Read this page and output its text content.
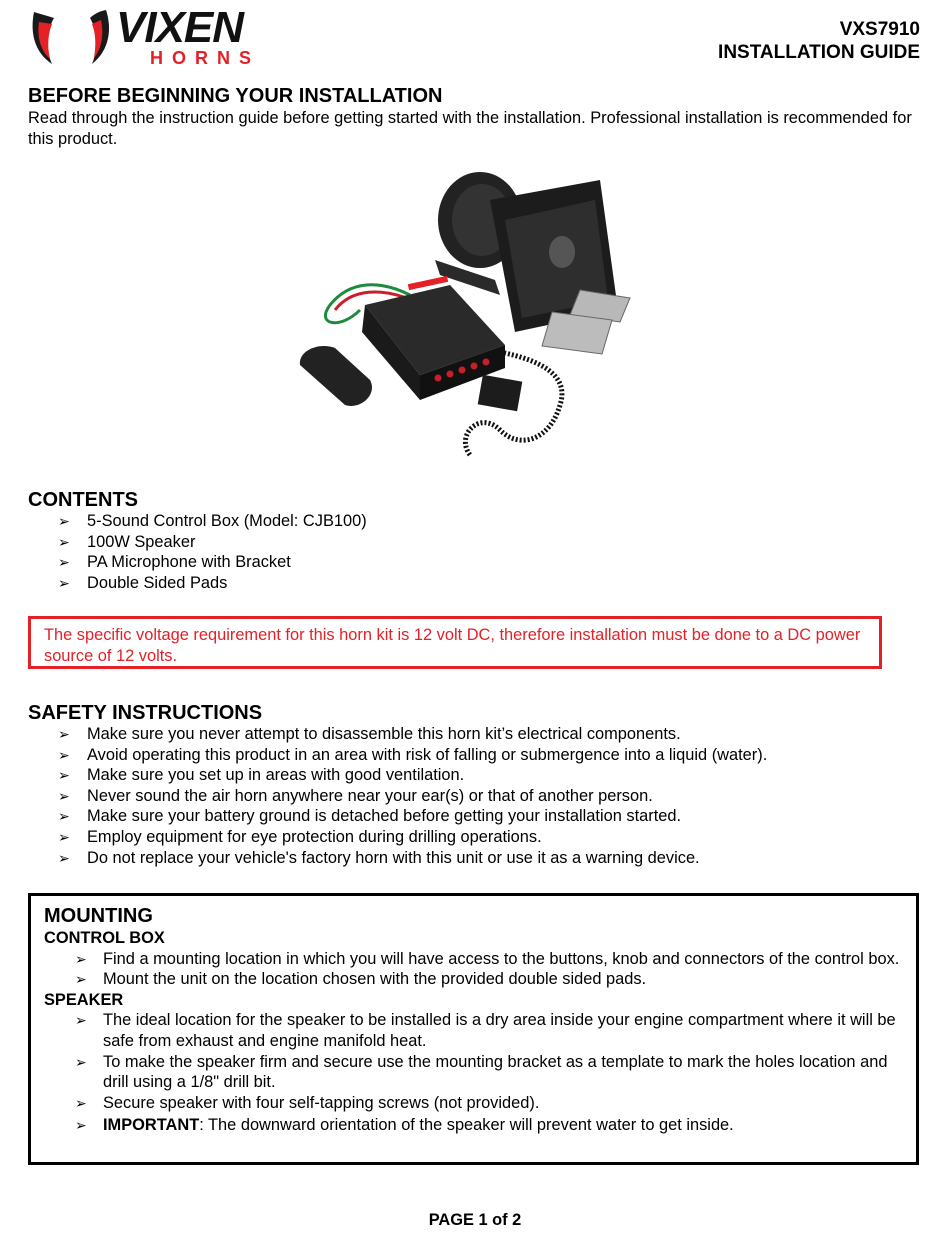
VIXEN
HORNS
VXS7910
INSTALLATION GUIDE
BEFORE BEGINNING YOUR INSTALLATION
Read through the instruction guide before getting started with the installation. Professional installation is recommended for this product.
CONTENTS
➢ 5-Sound Control Box (Model: CJB100)
➢ 100W Speaker
➢ PA Microphone with Bracket
➢ Double Sided Pads
The specific voltage requirement for this horn kit is 12 volt DC, therefore installation must be done to a DC power source of 12 volts.
SAFETY INSTRUCTIONS
➢ Make sure you never attempt to disassemble this horn kit’s electrical components.
➢ Avoid operating this product in an area with risk of falling or submergence into a liquid (water).
➢ Make sure you set up in areas with good ventilation.
➢ Never sound the air horn anywhere near your ear(s) or that of another person.
➢ Make sure your battery ground is detached before getting your installation started.
➢ Employ equipment for eye protection during drilling operations.
➢ Do not replace your vehicle's factory horn with this unit or use it as a warning device.
MOUNTING
CONTROL BOX
➢ Find a mounting location in which you will have access to the buttons, knob and connectors of the control box.
➢ Mount the unit on the location chosen with the provided double sided pads.
SPEAKER
➢ The ideal location for the speaker to be installed is a dry area inside your engine compartment where it will be safe from exhaust and engine manifold heat.
➢ To make the speaker firm and secure use the mounting bracket as a template to mark the holes location and drill using a 1/8" drill bit.
➢ Secure speaker with four self-tapping screws (not provided).
➢ IMPORTANT: The downward orientation of the speaker will prevent water to get inside.
PAGE 1 of 2
